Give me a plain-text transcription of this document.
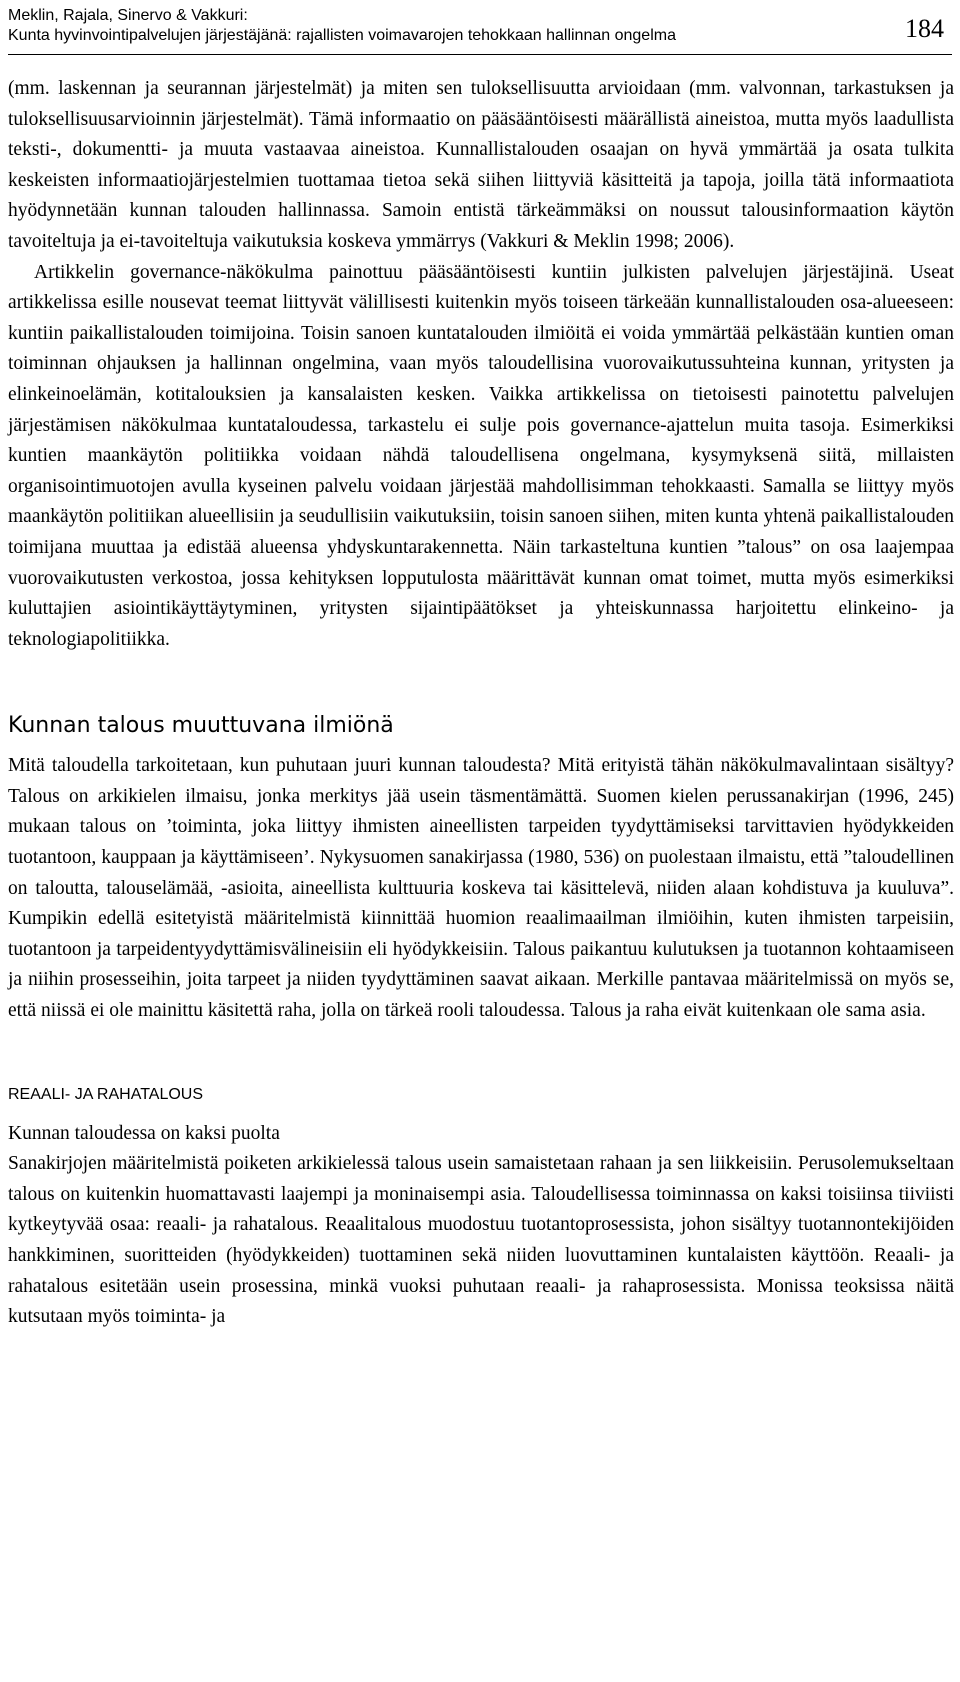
Meklin, Rajala, Sinervo & Vakkuri:
Kunta hyvinvointipalvelujen järjestäjänä: rajallisten voimavarojen tehokkaan hallinnan ongelma	184

(mm. laskennan ja seurannan järjestelmät) ja miten sen tuloksellisuutta arvioidaan (mm. valvonnan, tarkastuksen ja tuloksellisuusarvioinnin järjestelmät). Tämä informaatio on pääsääntöisesti määrällistä aineistoa, mutta myös laadullista teksti-, dokumentti- ja muuta vastaavaa aineistoa. Kunnallistalouden osaajan on hyvä ymmärtää ja osata tulkita keskeisten informaatiojärjestelmien tuottamaa tietoa sekä siihen liittyviä käsitteitä ja tapoja, joilla tätä informaatiota hyödynnetään kunnan talouden hallinnassa. Samoin entistä tärkeämmäksi on noussut talousinformaation käytön tavoiteltuja ja ei-tavoiteltuja vaikutuksia koskeva ymmärrys (Vakkuri & Meklin 1998; 2006).

Artikkelin governance-näkökulma painottuu pääsääntöisesti kuntiin julkisten palvelujen järjestäjinä. Useat artikkelissa esille nousevat teemat liittyvät välillisesti kuitenkin myös toiseen tärkeään kunnallistalouden osa-alueeseen: kuntiin paikallistalouden toimijoina. Toisin sanoen kuntatalouden ilmiöitä ei voida ymmärtää pelkästään kuntien oman toiminnan ohjauksen ja hallinnan ongelmina, vaan myös taloudellisina vuorovaikutussuhteina kunnan, yritysten ja elinkeinoelämän, kotitalouksien ja kansalaisten kesken. Vaikka artikkelissa on tietoisesti painotettu palvelujen järjestämisen näkökulmaa kuntataloudessa, tarkastelu ei sulje pois governance-ajattelun muita tasoja. Esimerkiksi kuntien maankäytön politiikka voidaan nähdä taloudellisena ongelmana, kysymyksenä siitä, millaisten organisointimuotojen avulla kyseinen palvelu voidaan järjestää mahdollisimman tehokkaasti. Samalla se liittyy myös maankäytön politiikan alueellisiin ja seudullisiin vaikutuksiin, toisin sanoen siihen, miten kunta yhtenä paikallistalouden toimijana muuttaa ja edistää alueensa yhdyskuntarakennetta. Näin tarkasteltuna kuntien ”talous” on osa laajempaa vuorovaikutusten verkostoa, jossa kehityksen lopputulosta määrittävät kunnan omat toimet, mutta myös esimerkiksi kuluttajien asiointikäyttäytyminen, yritysten sijaintipäätökset ja yhteiskunnassa harjoitettu elinkeino- ja teknologiapolitiikka.

Kunnan talous muuttuvana ilmiönä

Mitä taloudella tarkoitetaan, kun puhutaan juuri kunnan taloudesta? Mitä erityistä tähän näkökulmavalintaan sisältyy? Talous on arkikielen ilmaisu, jonka merkitys jää usein täsmentämättä. Suomen kielen perussanakirjan (1996, 245) mukaan talous on ’toiminta, joka liittyy ihmisten aineellisten tarpeiden tyydyttämiseksi tarvittavien hyödykkeiden tuotantoon, kauppaan ja käyttämiseen’. Nykysuomen sanakirjassa (1980, 536) on puolestaan ilmaistu, että ”taloudellinen on taloutta, talouselämää, -asioita, aineellista kulttuuria koskeva tai käsittelevä, niiden alaan kohdistuva ja kuuluva”. Kumpikin edellä esitetyistä määritelmistä kiinnittää huomion reaalimaailman ilmiöihin, kuten ihmisten tarpeisiin, tuotantoon ja tarpeidentyydyttämisvälineisiin eli hyödykkeisiin. Talous paikantuu kulutuksen ja tuotannon kohtaamiseen ja niihin prosesseihin, joita tarpeet ja niiden tyydyttäminen saavat aikaan. Merkille pantavaa määritelmissä on myös se, että niissä ei ole mainittu käsitettä raha, jolla on tärkeä rooli taloudessa. Talous ja raha eivät kuitenkaan ole sama asia.

REAALI- JA RAHATALOUS

Kunnan taloudessa on kaksi puolta

Sanakirjojen määritelmistä poiketen arkikielessä talous usein samaistetaan rahaan ja sen liikkeisiin. Perusolemukseltaan talous on kuitenkin huomattavasti laajempi ja moninaisempi asia. Taloudellisessa toiminnassa on kaksi toisiinsa tiiviisti kytkeytyvää osaa: reaali- ja rahatalous. Reaalitalous muodostuu tuotantoprosessista, johon sisältyy tuotannontekijöiden hankkiminen, suoritteiden (hyödykkeiden) tuottaminen sekä niiden luovuttaminen kuntalaisten käyttöön. Reaali- ja rahatalous esitetään usein prosessina, minkä vuoksi puhutaan reaali- ja rahaprosessista. Monissa teoksissa näitä kutsutaan myös toiminta- ja
